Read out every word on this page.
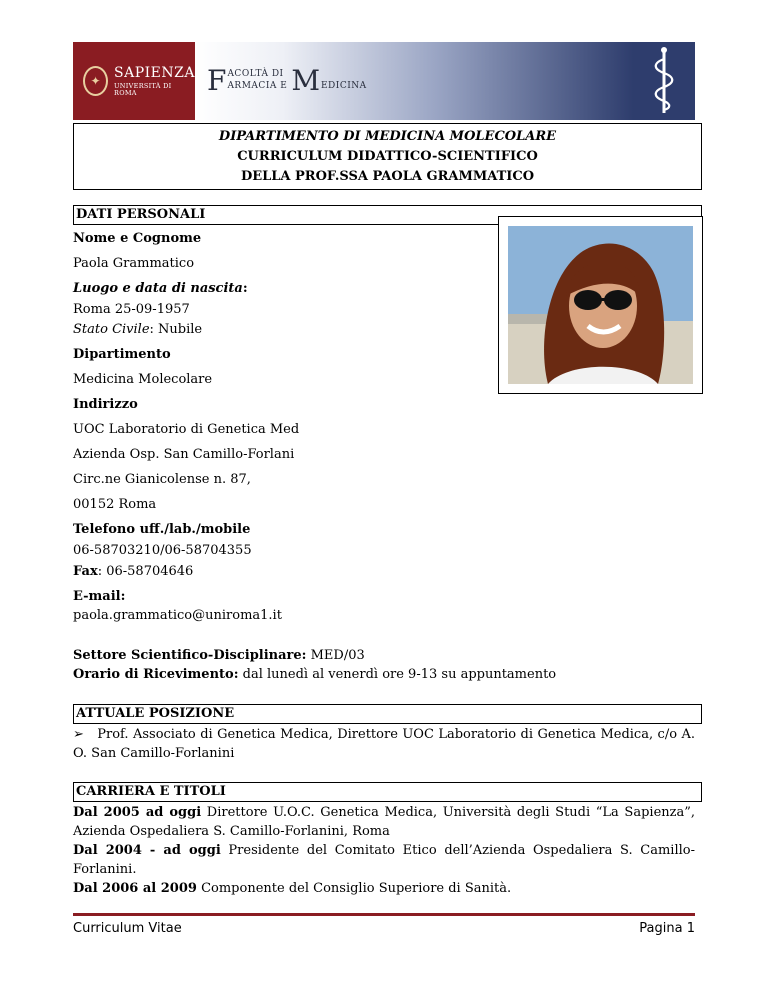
✦ SAPIENZA
UNIVERSITÀ DI ROMA	F ACOLTÀ DI
ARMACIA E M
EDICINA
DIPARTIMENTO DI MEDICINA MOLECOLARE
CURRICULUM DIDATTICO-SCIENTIFICO
DELLA PROF.SSA PAOLA GRAMMATICO
DATI PERSONALI
Nome e Cognome
Paola Grammatico
Luogo e data di nascita:
Roma 25-09-1957
Stato Civile: Nubile
Dipartimento
Medicina Molecolare
Indirizzo
UOC Laboratorio di Genetica Med
Azienda Osp. San Camillo-Forlani
Circ.ne Gianicolense n. 87,
00152 Roma
Telefono uff./lab./mobile
06-58703210/06-58704355
Fax: 06-58704646
E-mail:
paola.grammatico@uniroma1.it
Settore Scientifico-Disciplinare: MED/03
Orario di Ricevimento: dal lunedì al venerdì ore 9-13 su appuntamento
ATTUALE POSIZIONE
➢ Prof. Associato di Genetica Medica, Direttore UOC Laboratorio di Genetica Medica, c/o A. O. San Camillo-Forlanini
CARRIERA E TITOLI
Dal 2005 ad oggi Direttore U.O.C. Genetica Medica, Università degli Studi “La Sapienza”, Azienda Ospedaliera S. Camillo-Forlanini, Roma
Dal 2004 - ad oggi Presidente del Comitato Etico dell’Azienda Ospedaliera S. Camillo-Forlanini.
Dal 2006 al 2009 Componente del Consiglio Superiore di Sanità.
Curriculum Vitae	Pagina 1
